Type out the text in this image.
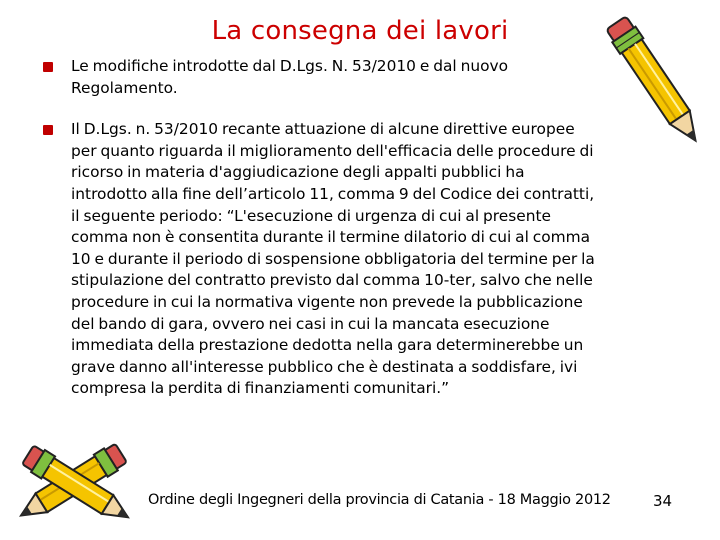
La consegna dei lavori
Le modifiche introdotte dal D.Lgs. N. 53/2010 e dal nuovo Regolamento.
Il D.Lgs. n. 53/2010 recante attuazione di alcune direttive europee per quanto riguarda il miglioramento dell'efficacia delle procedure di ricorso in materia d'aggiudicazione degli appalti pubblici ha introdotto alla fine dell’articolo 11, comma 9 del Codice dei contratti, il seguente periodo: “L'esecuzione di urgenza di cui al presente comma non è consentita durante il termine dilatorio di cui al comma 10 e durante il periodo di sospensione obbligatoria del termine per la stipulazione del contratto previsto dal comma 10-ter, salvo che nelle procedure in cui la normativa vigente non prevede la pubblicazione del bando di gara, ovvero nei casi in cui la mancata esecuzione immediata della prestazione dedotta nella gara determinerebbe un grave danno all'interesse pubblico che è destinata a soddisfare, ivi compresa la perdita di finanziamenti comunitari.”
Ordine degli Ingegneri della provincia di Catania - 18 Maggio 2012	34
